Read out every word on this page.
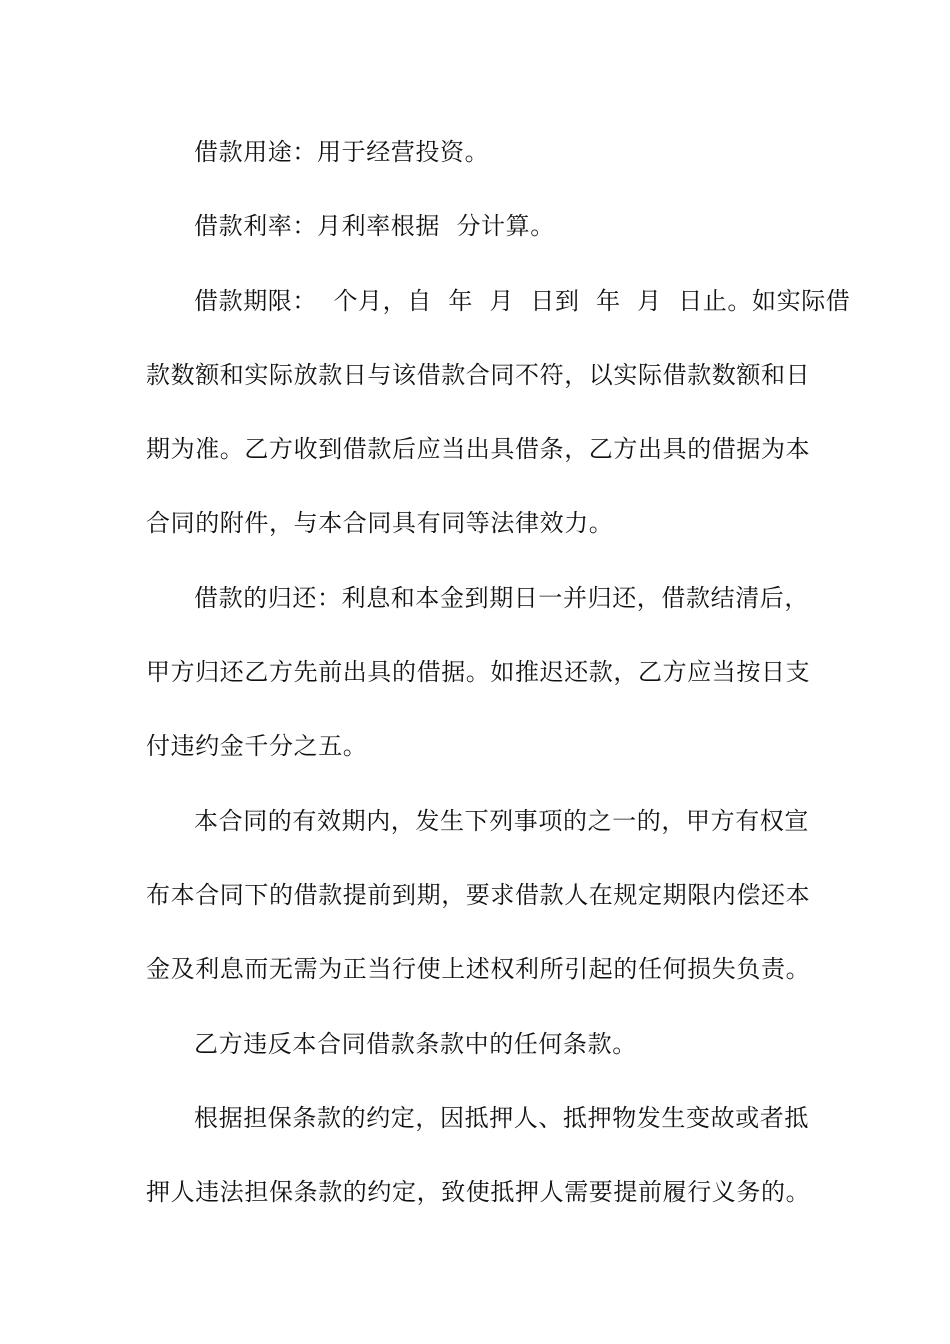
借款用途：用于经营投资。

借款利率：月利率根据  分计算。

借款期限：  个月，自  年  月  日到  年  月  日止。如实际借

款数额和实际放款日与该借款合同不符，以实际借款数额和日

期为准。乙方收到借款后应当出具借条，乙方出具的借据为本

合同的附件，与本合同具有同等法律效力。

借款的归还：利息和本金到期日一并归还，借款结清后，

甲方归还乙方先前出具的借据。如推迟还款，乙方应当按日支

付违约金千分之五。

本合同的有效期内，发生下列事项的之一的，甲方有权宣

布本合同下的借款提前到期，要求借款人在规定期限内偿还本

金及利息而无需为正当行使上述权利所引起的任何损失负责。

乙方违反本合同借款条款中的任何条款。

根据担保条款的约定，因抵押人、抵押物发生变故或者抵

押人违法担保条款的约定，致使抵押人需要提前履行义务的。
